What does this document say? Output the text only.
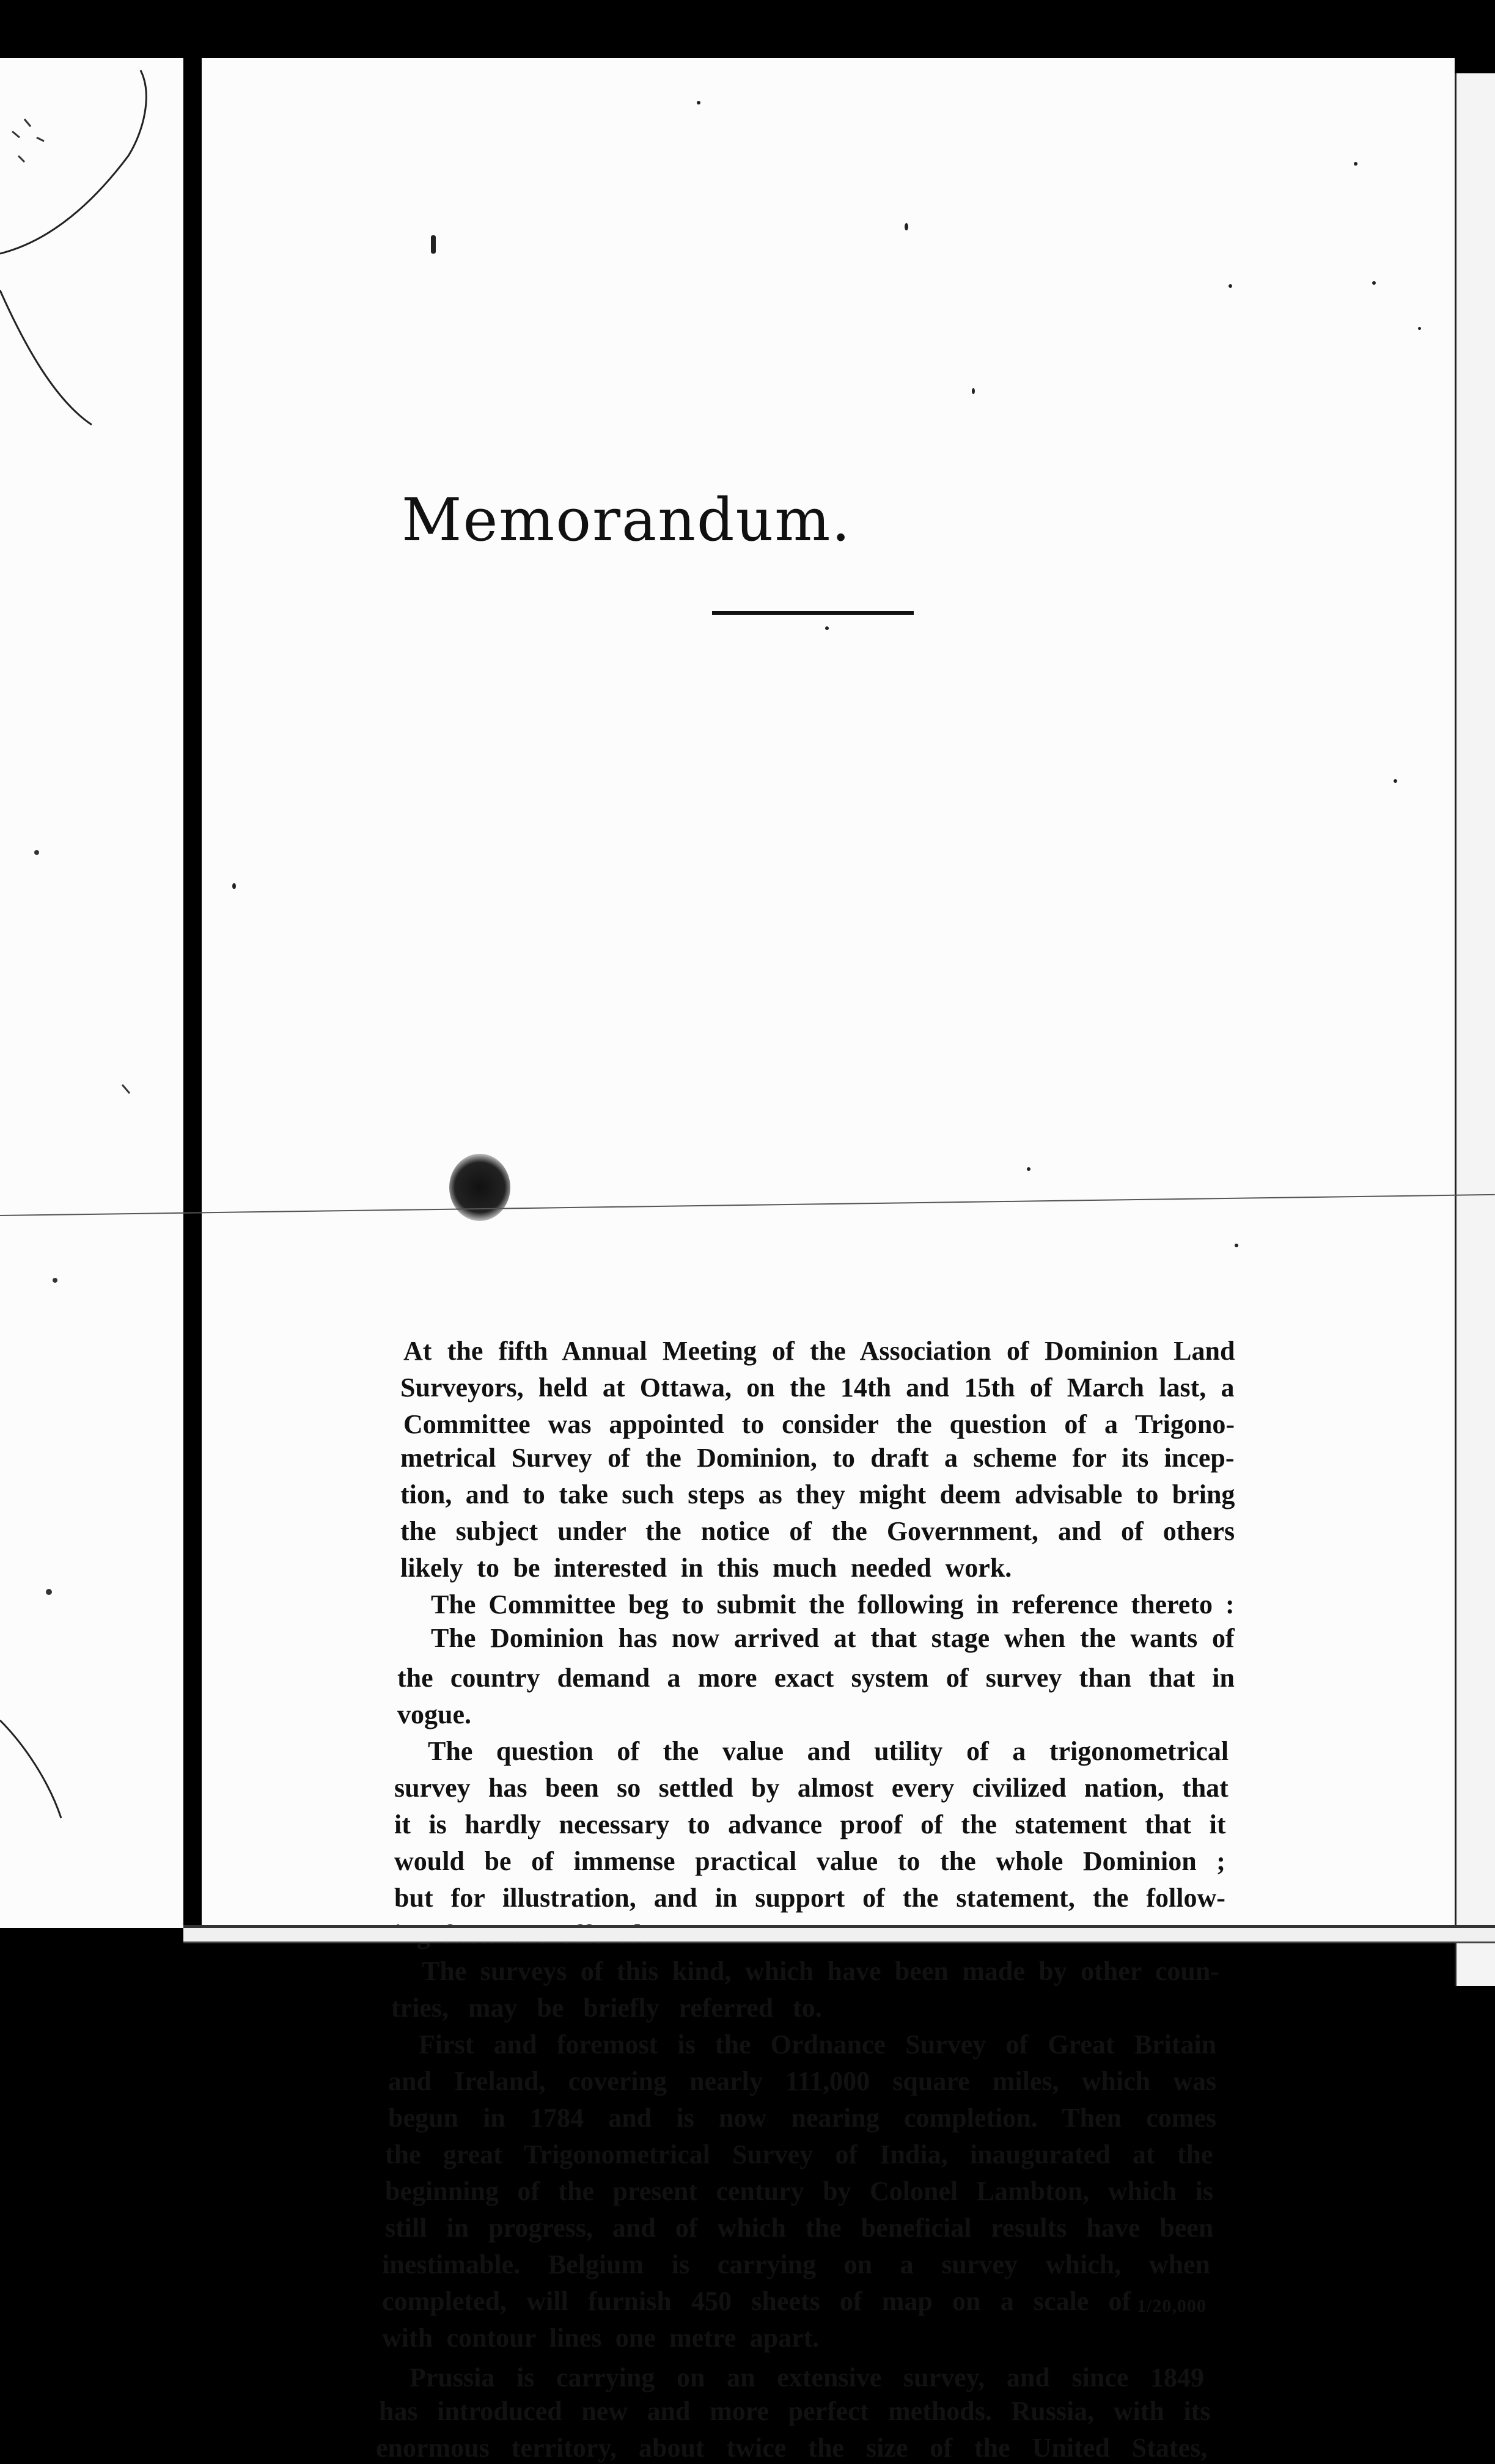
Memorandum.
At the fifth Annual Meeting of the Association of Dominion Land
Surveyors, held at Ottawa, on the 14th and 15th of March last, a
Committee was appointed to consider the question of a Trigono-
metrical Survey of the Dominion, to draft a scheme for its incep-
tion, and to take such steps as they might deem advisable to bring
the subject under the notice of the Government, and of others
likely to be interested in this much needed work.
The Committee beg to submit the following in reference thereto :
The Dominion has now arrived at that stage when the wants of
the country demand a more exact system of survey than that in
vogue.
The question of the value and utility of a trigonometrical
survey has been so settled by almost every civilized nation, that
it is hardly necessary to advance proof of the statement that it
would be of immense practical value to the whole Dominion ;
but for illustration, and in support of the statement, the follow-
The surveys of this kind, which have been made by other coun-
tries, may be briefly referred to.
First and foremost is the Ordnance Survey of Great Britain
and Ireland, covering nearly 111,000 square miles, which was
begun in 1784 and is now nearing completion. Then comes
the great Trigonometrical Survey of India, inaugurated at the
beginning of the present century by Colonel Lambton, which is
still in progress, and of which the beneficial results have been
inestimable. Belgium is carrying on a survey which, when
completed, will furnish 450 sheets of map on a scale of
with contour lines one metre apart.
Prussia is carrying on an extensive survey, and since 1849
has introduced new and more perfect methods. Russia, with its
enormous territory, about twice the size of the United States,
1/20,000
